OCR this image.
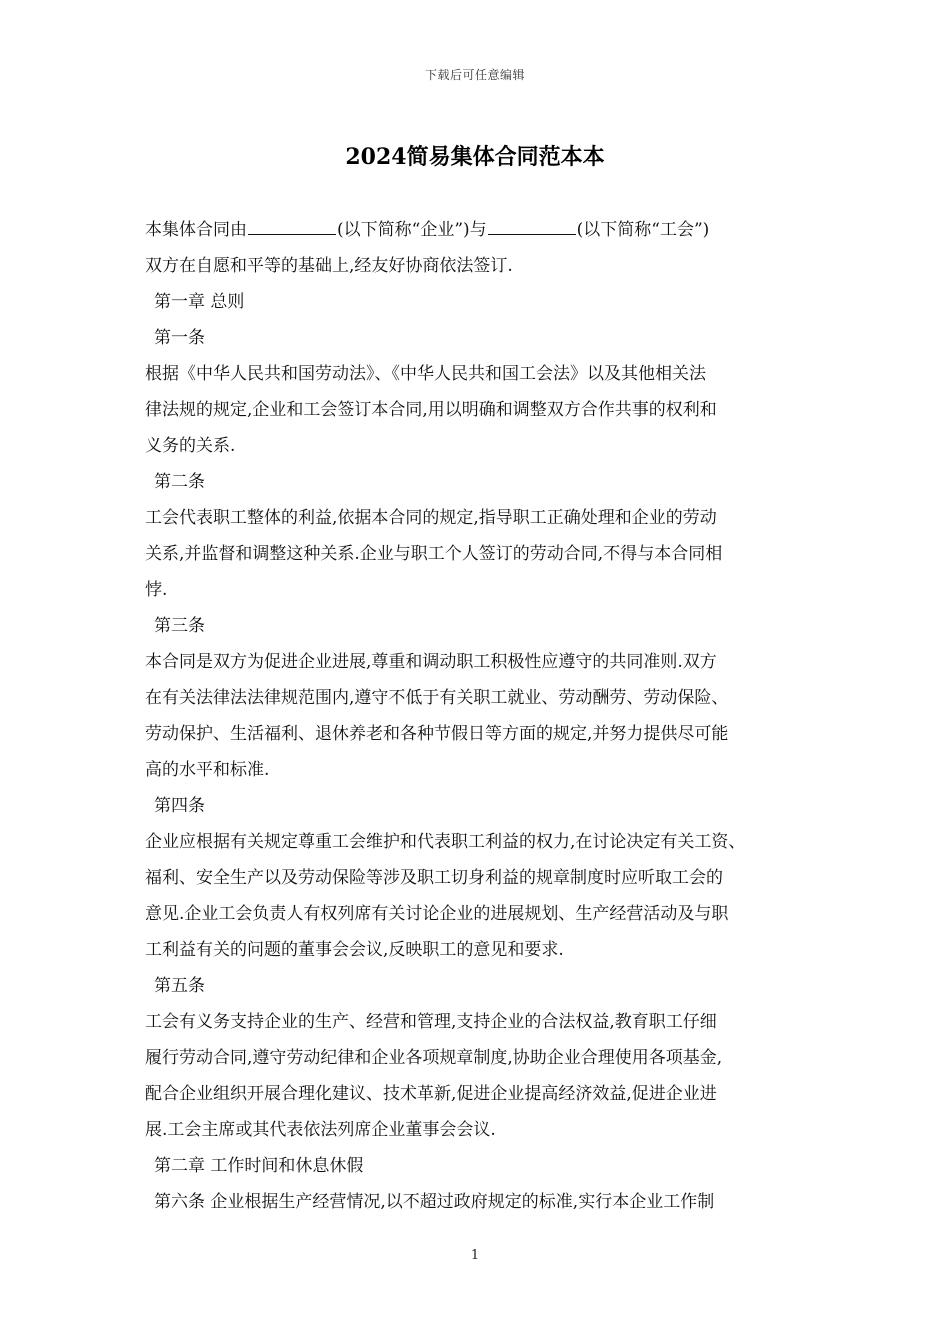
下载后可任意编辑
2024简易集体合同范本本
本集体合同由	(以下简称“企业”)与	(以下简称“工会”)
双方在自愿和平等的基础上,经友好协商依法签订.
第一章 总则
第一条
根据《中华人民共和国劳动法》、《中华人民共和国工会法》以及其他相关法
律法规的规定,企业和工会签订本合同,用以明确和调整双方合作共事的权利和
义务的关系.
第二条
工会代表职工整体的利益,依据本合同的规定,指导职工正确处理和企业的劳动
关系,并监督和调整这种关系.企业与职工个人签订的劳动合同,不得与本合同相
悖.
第三条
本合同是双方为促进企业进展,尊重和调动职工积极性应遵守的共同准则.双方
在有关法律法法律规范围内,遵守不低于有关职工就业、劳动酬劳、劳动保险、
劳动保护、生活福利、退休养老和各种节假日等方面的规定,并努力提供尽可能
高的水平和标准.
第四条
企业应根据有关规定尊重工会维护和代表职工利益的权力,在讨论决定有关工资、
福利、安全生产以及劳动保险等涉及职工切身利益的规章制度时应听取工会的
意见.企业工会负责人有权列席有关讨论企业的进展规划、生产经营活动及与职
工利益有关的问题的董事会会议,反映职工的意见和要求.
第五条
工会有义务支持企业的生产、经营和管理,支持企业的合法权益,教育职工仔细
履行劳动合同,遵守劳动纪律和企业各项规章制度,协助企业合理使用各项基金,
配合企业组织开展合理化建议、技术革新,促进企业提高经济效益,促进企业进
展.工会主席或其代表依法列席企业董事会会议.
第二章 工作时间和休息休假
第六条 企业根据生产经营情况,以不超过政府规定的标准,实行本企业工作制
1
